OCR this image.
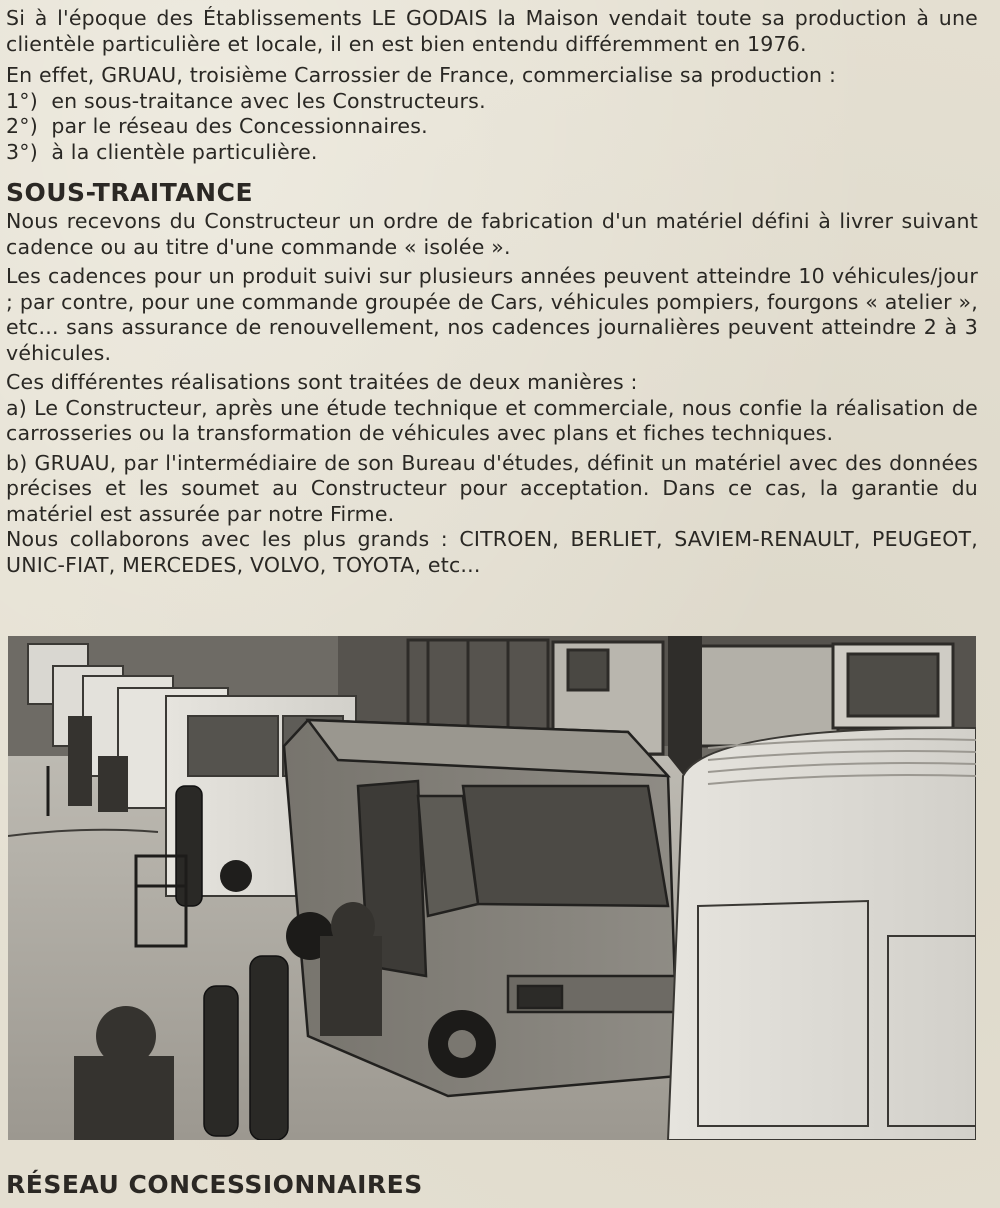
Si à l'époque des Établissements LE GODAIS la Maison vendait toute sa production à une clientèle particulière et locale, il en est bien entendu différemment en 1976.

En effet, GRUAU, troisième Carrossier de France, commercialise sa production :

1°) en sous-traitance avec les Constructeurs.
2°) par le réseau des Concessionnaires.
3°) à la clientèle particulière.
SOUS-TRAITANCE

Nous recevons du Constructeur un ordre de fabrication d'un matériel défini à livrer suivant cadence ou au titre d'une commande « isolée ».

Les cadences pour un produit suivi sur plusieurs années peuvent atteindre 10 véhicules/jour ; par contre, pour une commande groupée de Cars, véhicules pompiers, fourgons « atelier », etc... sans assurance de renouvellement, nos cadences journalières peuvent atteindre 2 à 3 véhicules.

Ces différentes réalisations sont traitées de deux manières :

a) Le Constructeur, après une étude technique et commerciale, nous confie la réalisation de carrosseries ou la transformation de véhicules avec plans et fiches techniques.

b) GRUAU, par l'intermédiaire de son Bureau d'études, définit un matériel avec des données précises et les soumet au Constructeur pour acceptation. Dans ce cas, la garantie du matériel est assurée par notre Firme.

Nous collaborons avec les plus grands : CITROEN, BERLIET, SAVIEM-RENAULT, PEUGEOT, UNIC-FIAT, MERCEDES, VOLVO, TOYOTA, etc...

RÉSEAU CONCESSIONNAIRES
